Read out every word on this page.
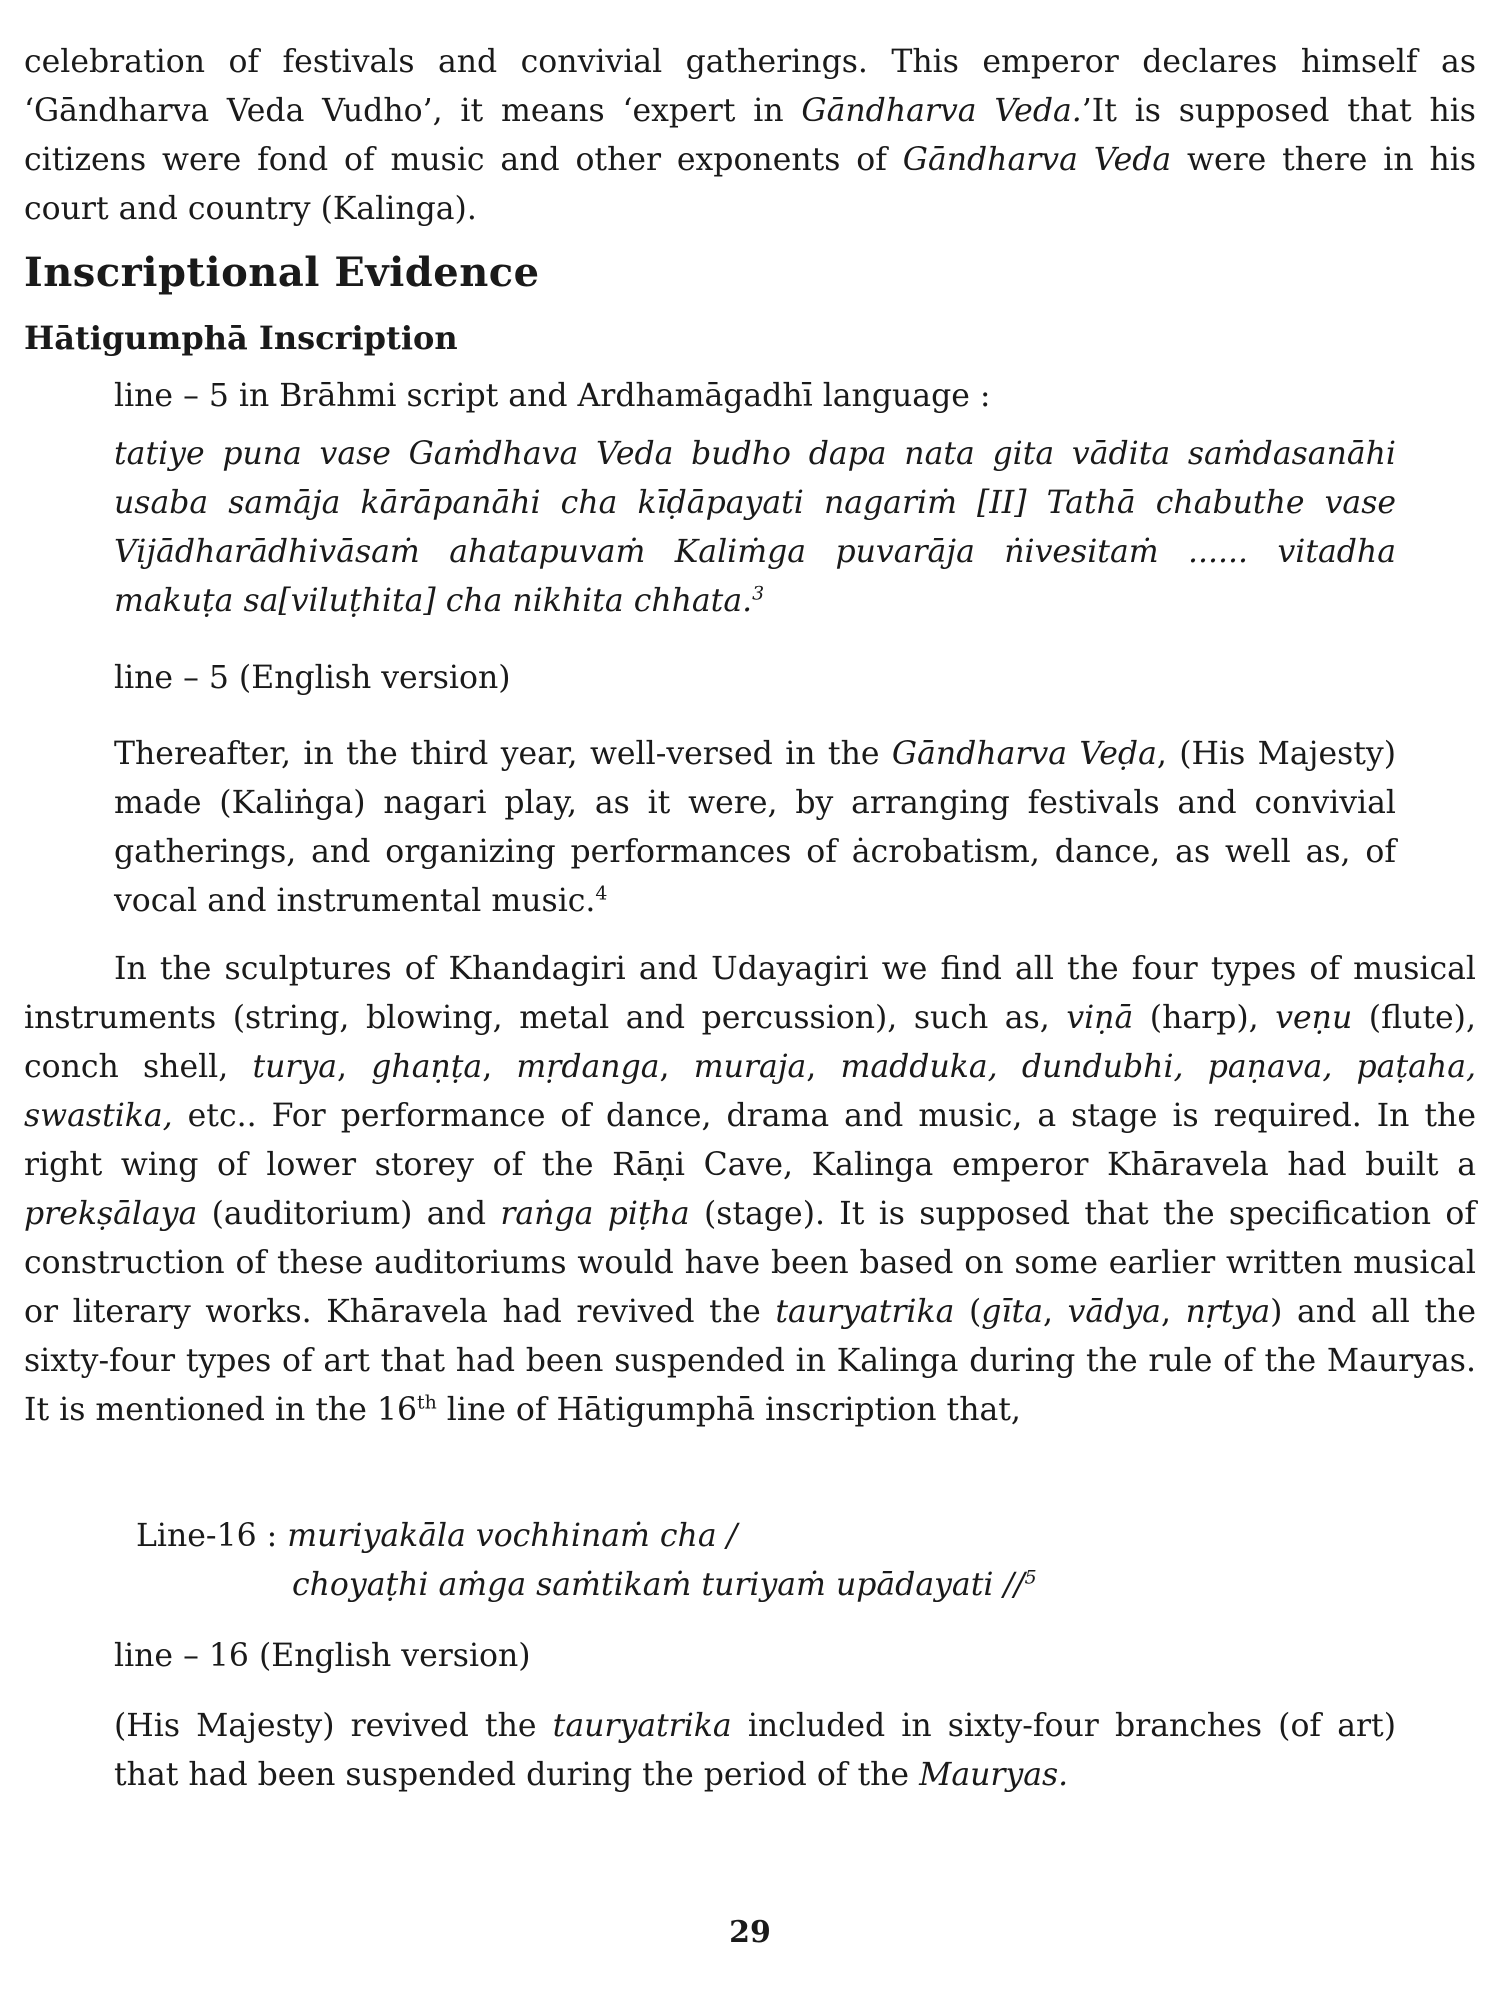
celebration of festivals and convivial gatherings. This emperor declares himself as ‘Gāndharva Veda Vudho’, it means ‘expert in Gāndharva Veda.’It is supposed that his citizens were fond of music and other exponents of Gāndharva Veda were there in his court and country (Kalinga).

Inscriptional Evidence
Hātigumphā Inscription

line – 5 in Brāhmi script and Ardhamāgadhī language :

tatiye puna vase Gaṁdhava Veda budho dapa nata gita vādita saṁdasanāhi usaba samāja kārāpanāhi cha kīḍāpayati nagariṁ [II] Tathā chabuthe vase Vijādharādhivāsaṁ ahatapuvaṁ Kaliṁga puvarāja ṅivesitaṁ ...... vitadha makuṭa sa[viluṭhita] cha nikhita chhata.$^3$

line – 5 (English version)

Thereafter, in the third year, well-versed in the Gāndharva Veḍa, (His Majesty) made (Kaliṅga) nagari play, as it were, by arranging festivals and convivial gatherings, and organizing performances of ȧcrobatism, dance, as well as, of vocal and instrumental music.$^4$

In the sculptures of Khandagiri and Udayagiri we find all the four types of musical instruments (string, blowing, metal and percussion), such as, viṇā (harp), veṇu (flute), conch shell, turya, ghaṇṭa, mṛdanga, muraja, madduka, dundubhi, paṇava, paṭaha, swastika, etc.. For performance of dance, drama and music, a stage is required. In the right wing of lower storey of the Rāṇi Cave, Kalinga emperor Khāravela had built a prekṣālaya (auditorium) and raṅga piṭha (stage). It is supposed that the specification of construction of these auditoriums would have been based on some earlier written musical or literary works. Khāravela had revived the tauryatrika (gīta, vādya, nṛtya) and all the sixty-four types of art that had been suspended in Kalinga during the rule of the Mauryas. It is mentioned in the 16th line of Hātigumphā inscription that,

Line-16 : muriyakāla vochhinaṁ cha /
choyaṭhi aṁga saṁtikaṁ turiyaṁ upādayati //$^5$

line – 16 (English version)

(His Majesty) revived the tauryatrika included in sixty-four branches (of art) that had been suspended during the period of the Mauryas.

29
